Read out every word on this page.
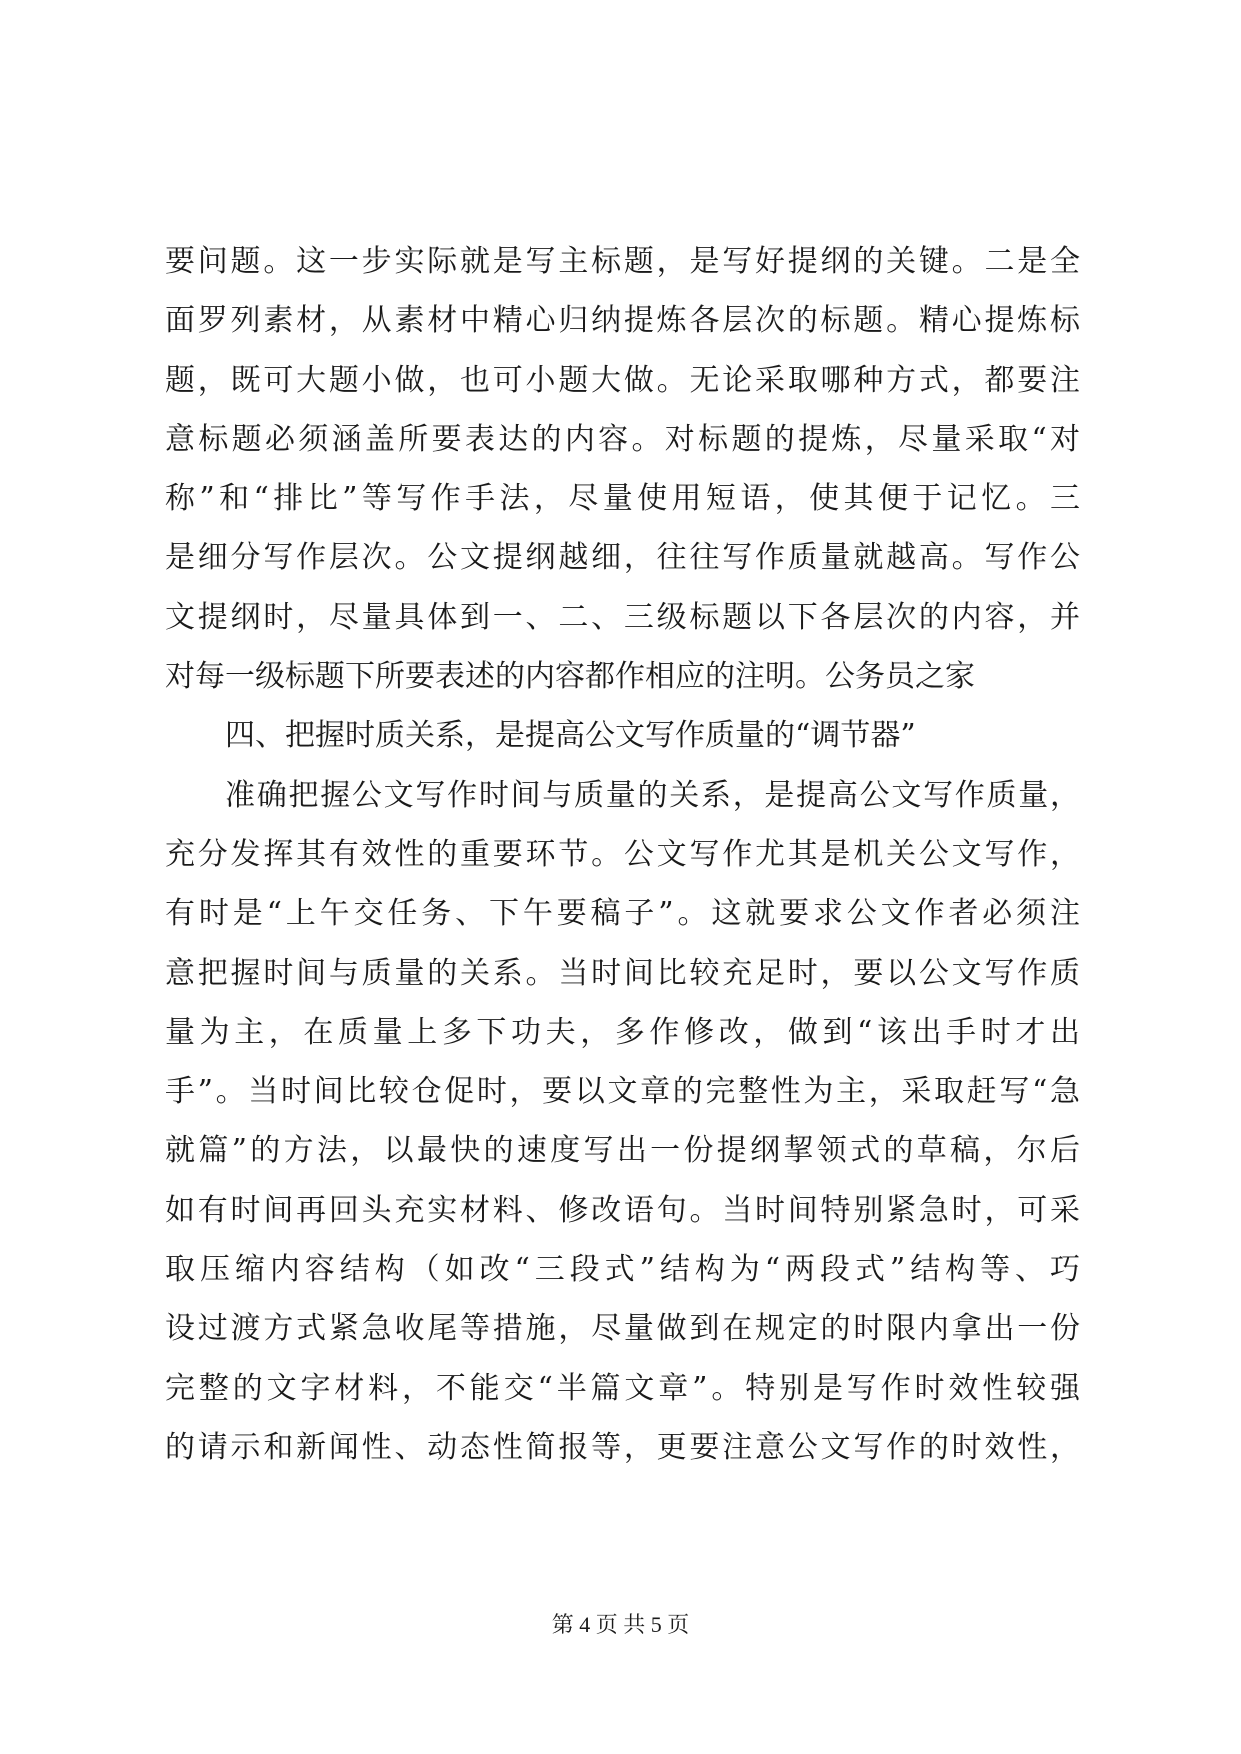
要问题。这一步实际就是写主标题，是写好提纲的关键。二是全
面罗列素材，从素材中精心归纳提炼各层次的标题。精心提炼标
题，既可大题小做，也可小题大做。无论采取哪种方式，都要注
意标题必须涵盖所要表达的内容。对标题的提炼，尽量采取“对
称”和“排比”等写作手法，尽量使用短语，使其便于记忆。三
是细分写作层次。公文提纲越细，往往写作质量就越高。写作公
文提纲时，尽量具体到一、二、三级标题以下各层次的内容，并
对每一级标题下所要表述的内容都作相应的注明。公务员之家
四、把握时质关系，是提高公文写作质量的“调节器”
准确把握公文写作时间与质量的关系，是提高公文写作质量，
充分发挥其有效性的重要环节。公文写作尤其是机关公文写作，
有时是“上午交任务、下午要稿子”。这就要求公文作者必须注
意把握时间与质量的关系。当时间比较充足时，要以公文写作质
量为主，在质量上多下功夫，多作修改，做到“该出手时才出
手”。当时间比较仓促时，要以文章的完整性为主，采取赶写“急
就篇”的方法，以最快的速度写出一份提纲挈领式的草稿，尔后
如有时间再回头充实材料、修改语句。当时间特别紧急时，可采
取压缩内容结构（如改“三段式”结构为“两段式”结构等、巧
设过渡方式紧急收尾等措施，尽量做到在规定的时限内拿出一份
完整的文字材料，不能交“半篇文章”。特别是写作时效性较强
的请示和新闻性、动态性简报等，更要注意公文写作的时效性，
第 4 页 共 5 页
